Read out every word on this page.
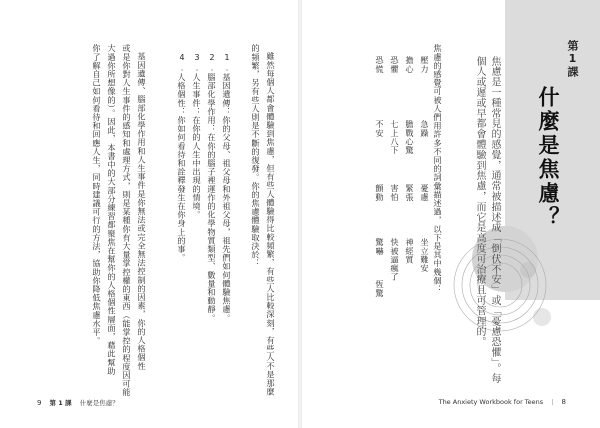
第1課
什麼是焦慮？
焦慮是一種常見的感覺，通常被描述成「倒伏不安」或「憂慮恐懼」。每
個人或遲或早都會體驗到焦慮，而它是高度可治療且可管理的。
焦慮的感覺可被人們用許多不同的詞彙描述過，以下是其中幾個：
壓力
急躁
憂慮
坐立難安
擔心
膽戰心驚
緊張
神經質
恐懼
七上八下
害怕
快被逼瘋了
恐慌
不安
顫動
驚嚇
恆驚
雖然每個人都會體驗到焦慮，但有些人體驗得比較頻繁，有些人比較深刻，有些人不是那麼
的頻繁，另有些人則是不斷的復發。你的焦慮體驗取決於：
1.基因遺傳：你的父母、祖父母和外祖父母，祖先們如何體驗焦慮。
2.腦部化學作用：在你的腦子裡運作的化學物質類型、數量和動靜。
3.人生事件：在你的人生中出現的情境。
4.人格個性：你如何看待和詮釋發生在你身上的事。
基因遺傳、腦部化學作用和人生事件是你無法或完全無法控制的因素，你的人格個性
或是你對人生事件的感知和處理方式，則是某種你有大量掌控權的東西（能掌控的程度因可能
大過你所想像的）。因此，本書中的大部分練習都聚焦在幫你的人格個性層面，藉此幫助
你了解自己如何看待和回應人生，同時建議可行的方法，協助你降低焦慮水平。
9 第 1 課 什麼是焦慮？	The Anxiety Workbook for Teens | 8
